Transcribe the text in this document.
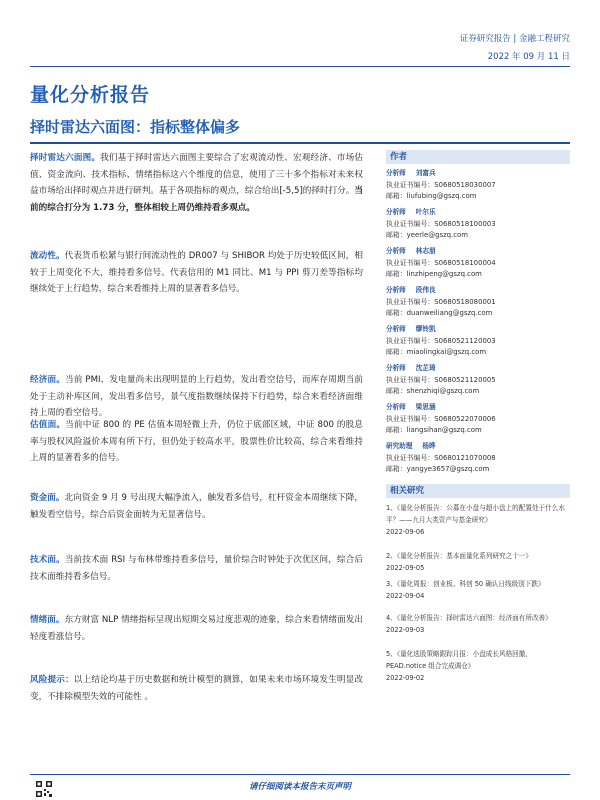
证券研究报告 | 金融工程研究
2022 年 09 月 11 日
量化分析报告
择时雷达六面图：指标整体偏多
择时雷达六面图。我们基于择时雷达六面图主要综合了宏观流动性、宏观经济、市场估值、资金流向、技术指标、情绪指标这六个维度的信息，使用了三十多个指标对未来权益市场给出择时观点并进行研判。基于各项指标的观点，综合给出[-5,5]的择时打分。当前的综合打分为 1.73 分，整体相较上周仍维持看多观点。
流动性。代表货币松紧与银行间流动性的 DR007 与 SHIBOR 均处于历史较低区间，相较于上周变化不大，维持看多信号。代表信用的 M1 同比、M1 与 PPI 剪刀差等指标均继续处于上行趋势，综合来看维持上周的显著看多信号。
经济面。当前 PMI、发电量尚未出现明显的上行趋势，发出看空信号，而库存周期当前处于主动补库区间，发出看多信号，景气度指数继续保持下行趋势，综合来看经济面维持上周的看空信号。
估值面。当前中证 800 的 PE 估值本周轻微上升，仍位于底部区域，中证 800 的股息率与股权风险溢价本周有所下行，但仍处于较高水平，股票性价比较高，综合来看维持上周的显著看多的信号。
资金面。北向资金 9 月 9 号出现大幅净流入，触发看多信号，杠杆资金本周继续下降，触发看空信号，综合后资金面转为无显著信号。
技术面。当前技术面 RSI 与布林带维持看多信号，量价综合时钟处于次优区间，综合后技术面维持看多信号。
情绪面。东方财富 NLP 情绪指标呈现出短期交易过度悲观的迹象，综合来看情绪面发出轻度看涨信号。
风险提示：以上结论均基于历史数据和统计模型的测算，如果未来市场环境发生明显改变，不排除模型失效的可能性 。
作者
分析师 刘富兵
执业证书编号：S0680518030007
邮箱：liufubing@gszq.com
分析师 叶尔乐
执业证书编号：S0680518100003
邮箱：yeerle@gszq.com
分析师 林志朋
执业证书编号：S0680518100004
邮箱：linzhipeng@gszq.com
分析师 段伟良
执业证书编号：S0680518080001
邮箱：duanweiliang@gszq.com
分析师 缪铃凯
执业证书编号：S0680521120003
邮箱：miaolingkai@gszq.com
分析师 沈芷琦
执业证书编号：S0680521120005
邮箱：shenzhiqi@gszq.com
分析师 梁思涵
执业证书编号：S0680522070006
邮箱：liangsihan@gszq.com
研究助理 杨晔
执业证书编号：S0680121070008
邮箱：yangye3657@gszq.com
相关研究
1、《量化分析报告：公募在小盘与超小盘上的配置处于什么水平？——九月大类资产与基金研究》
2022-09-06
2、《量化分析报告：基本面量化系列研究之十一》
2022-09-05
3、《量化周报：创业板、科创 50 确认日线级别下跌》
2022-09-04
4、《量化分析报告：择时雷达六面图：经济面有所改善》
2022-09-03
5、《量化选股策略跟踪月报：小盘成长风格回撤，PEAD.notice 组合完成调仓》
2022-09-02
请仔细阅读本报告末页声明
